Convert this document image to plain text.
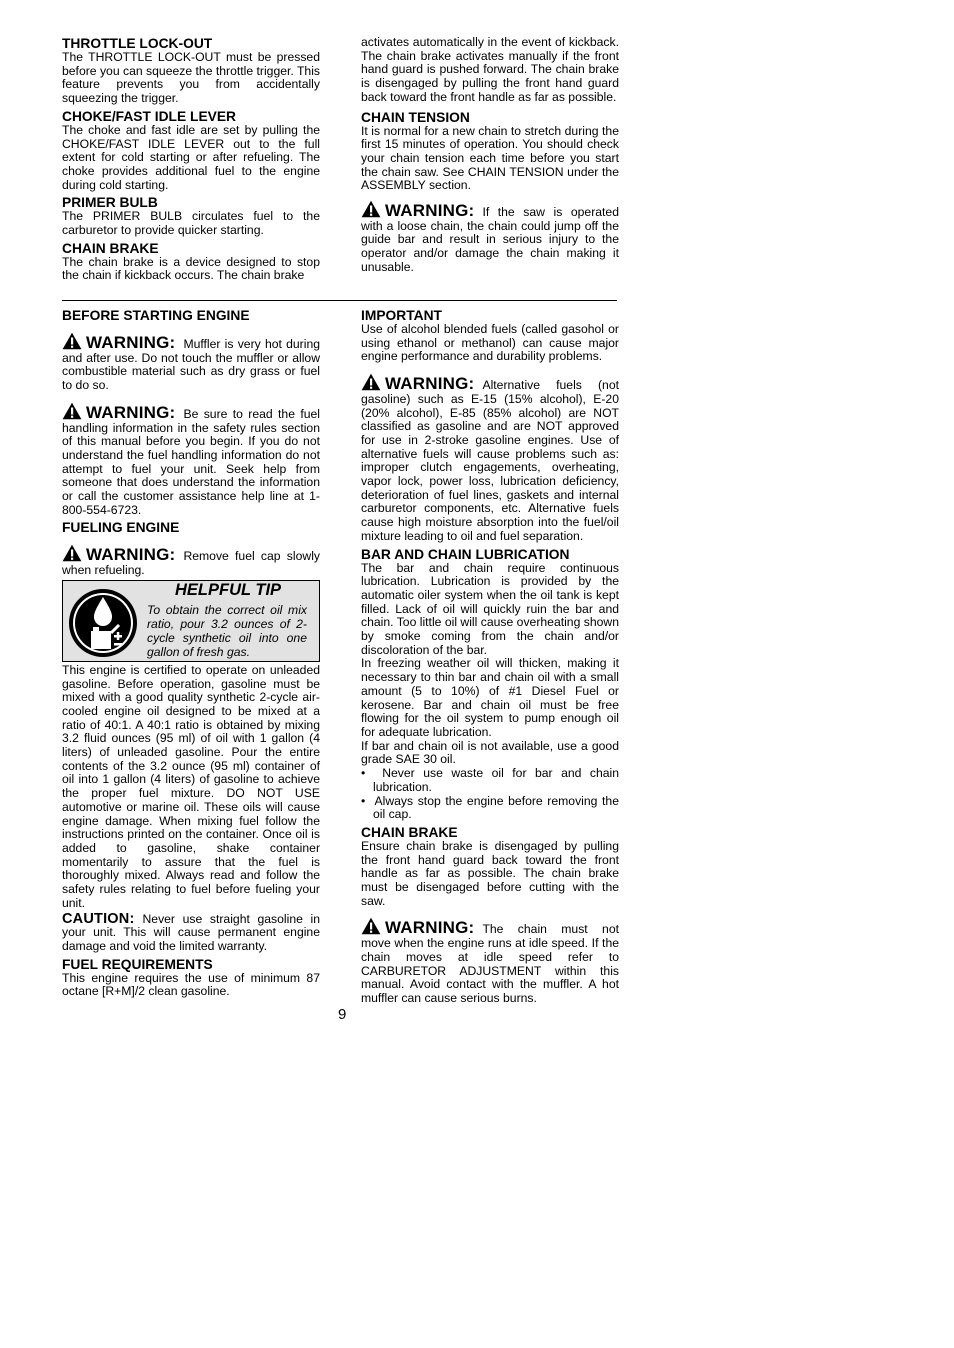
THROTTLE LOCK-OUT

The THROTTLE LOCK-OUT must be pressed before you can squeeze the throttle trigger. This feature prevents you from accidentally squeezing the trigger.

CHOKE/FAST IDLE LEVER

The choke and fast idle are set by pulling the CHOKE/FAST IDLE LEVER out to the full extent for cold starting or after refueling. The choke provides additional fuel to the engine during cold starting.

PRIMER BULB

The PRIMER BULB circulates fuel to the carburetor to provide quicker starting.

CHAIN BRAKE

The chain brake is a device designed to stop the chain if kickback occurs. The chain brake

activates automatically in the event of kickback. The chain brake activates manually if the front hand guard is pushed forward. The chain brake is disengaged by pulling the front hand guard back toward the front handle as far as possible.

CHAIN TENSION

It is normal for a new chain to stretch during the first 15 minutes of operation. You should check your chain tension each time before you start the chain saw. See CHAIN TENSION under the ASSEMBLY section.

WARNING: If the saw is operated with a loose chain, the chain could jump off the guide bar and result in serious injury to the operator and/or damage the chain making it unusable.

BEFORE STARTING ENGINE

WARNING: Muffler is very hot during and after use. Do not touch the muffler or allow combustible material such as dry grass or fuel to do so.

WARNING: Be sure to read the fuel handling information in the safety rules section of this manual before you begin. If you do not understand the fuel handling information do not attempt to fuel your unit. Seek help from someone that does understand the information or call the customer assistance help line at 1-800-554-6723.

FUELING ENGINE

WARNING: Remove fuel cap slowly when refueling.

HELPFUL TIP
To obtain the correct oil mix ratio, pour 3.2 ounces of 2-cycle synthetic oil into one gallon of fresh gas.

This engine is certified to operate on unleaded gasoline. Before operation, gasoline must be mixed with a good quality synthetic 2-cycle air-cooled engine oil designed to be mixed at a ratio of 40:1. A 40:1 ratio is obtained by mixing 3.2 fluid ounces (95 ml) of oil with 1 gallon (4 liters) of unleaded gasoline. Pour the entire contents of the 3.2 ounce (95 ml) container of oil into 1 gallon (4 liters) of gasoline to achieve the proper fuel mixture. DO NOT USE automotive or marine oil. These oils will cause engine damage. When mixing fuel follow the instructions printed on the container. Once oil is added to gasoline, shake container momentarily to assure that the fuel is thoroughly mixed. Always read and follow the safety rules relating to fuel before fueling your unit.

CAUTION: Never use straight gasoline in your unit. This will cause permanent engine damage and void the limited warranty.

FUEL REQUIREMENTS

This engine requires the use of minimum 87 octane [R+M]/2 clean gasoline.

IMPORTANT

Use of alcohol blended fuels (called gasohol or using ethanol or methanol) can cause major engine performance and durability problems.

WARNING: Alternative fuels (not gasoline) such as E-15 (15% alcohol), E-20 (20% alcohol), E-85 (85% alcohol) are NOT classified as gasoline and are NOT approved for use in 2-stroke gasoline engines. Use of alternative fuels will cause problems such as: improper clutch engagements, overheating, vapor lock, power loss, lubrication deficiency, deterioration of fuel lines, gaskets and internal carburetor components, etc. Alternative fuels cause high moisture absorption into the fuel/oil mixture leading to oil and fuel separation.

BAR AND CHAIN LUBRICATION

The bar and chain require continuous lubrication. Lubrication is provided by the automatic oiler system when the oil tank is kept filled. Lack of oil will quickly ruin the bar and chain. Too little oil will cause overheating shown by smoke coming from the chain and/or discoloration of the bar.

In freezing weather oil will thicken, making it necessary to thin bar and chain oil with a small amount (5 to 10%) of #1 Diesel Fuel or kerosene. Bar and chain oil must be free flowing for the oil system to pump enough oil for adequate lubrication.

If bar and chain oil is not available, use a good grade SAE 30 oil.

•  Never use waste oil for bar and chain lubrication.

•  Always stop the engine before removing the oil cap.

CHAIN BRAKE

Ensure chain brake is disengaged by pulling the front hand guard back toward the front handle as far as possible. The chain brake must be disengaged before cutting with the saw.

WARNING: The chain must not move when the engine runs at idle speed. If the chain moves at idle speed refer to CARBURETOR ADJUSTMENT within this manual. Avoid contact with the muffler. A hot muffler can cause serious burns.

9
